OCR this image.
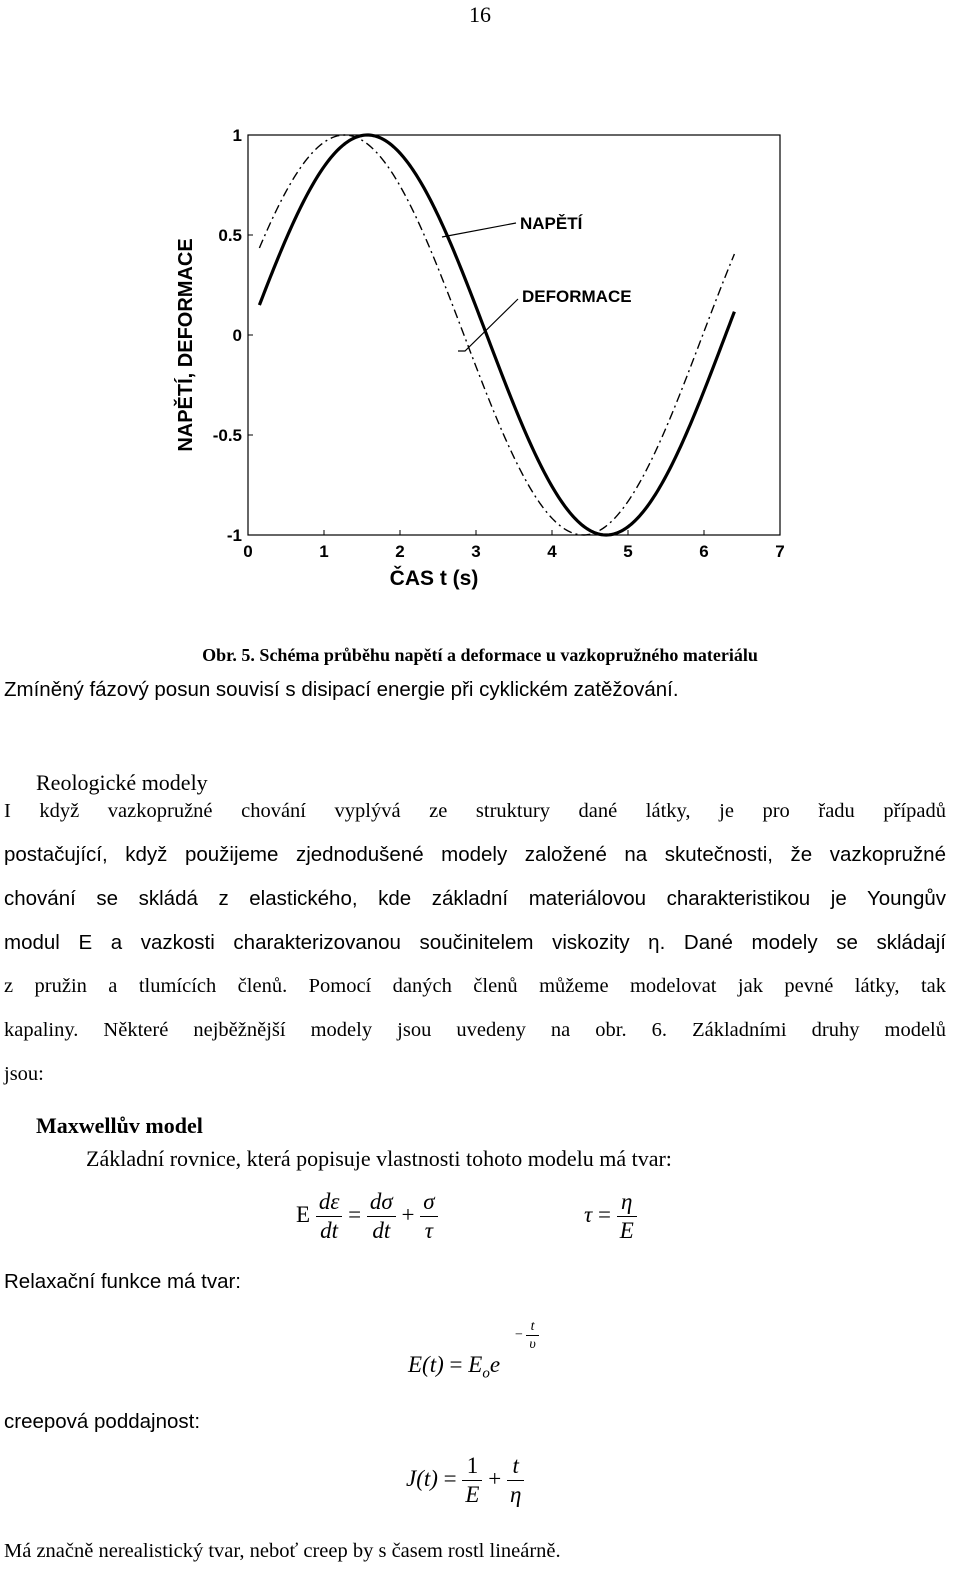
16
ČAS t (s)
NAPĚTÍ, DEFORMACE
0	1	2	3	4	5	6	7
-1
-0.5
0
0.5
1
NAPĚTÍ
DEFORMACE
Obr. 5. Schéma průběhu napětí a deformace u vazkopružného materiálu
Zmíněný fázový posun souvisí s disipací energie při cyklickém zatěžování.
Reologické modely
I když vazkopružné chování vyplývá ze struktury dané látky, je pro řadu případů
postačující, když použijeme zjednodušené modely založené na skutečnosti, že vazkopružné
chování se skládá z elastického, kde základní materiálovou charakteristikou je Youngův
modul E a vazkosti charakterizovanou součinitelem viskozity η. Dané modely se skládají
z pružin a tlumících členů. Pomocí daných členů můžeme modelovat jak pevné látky, tak
kapaliny. Některé nejběžnější modely jsou uvedeny na obr. 6. Základními druhy modelů
jsou:
Maxwellův model
Základní rovnice, která popisuje vlastnosti tohoto modelu má tvar:
E $\frac{d\varepsilon}{dt} = \frac{d\sigma}{dt} + \frac{\sigma}{\tau}$	$\tau = \frac{\eta}{E}$
Relaxační funkce má tvar:
$E(t) = E_oe$
− $\frac{t}{\upsilon}$
creepová poddajnost:
$J(t) = \frac{1}{E} + \frac{t}{\eta}$
Má značně nerealistický tvar, neboť creep by s časem rostl lineárně.
